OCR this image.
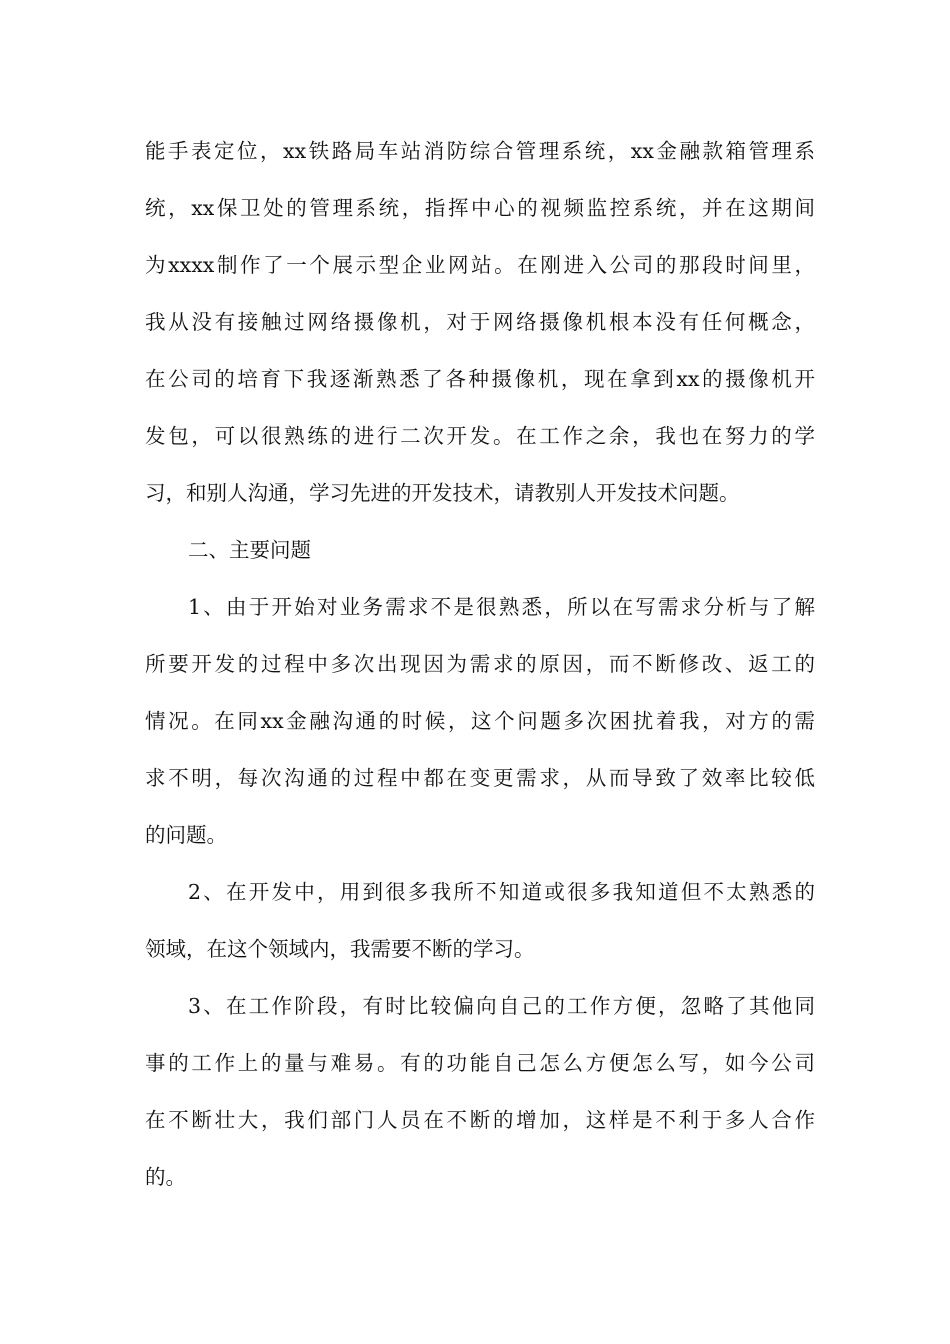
能手表定位，xx铁路局车站消防综合管理系统，xx金融款箱管理系
统，xx保卫处的管理系统，指挥中心的视频监控系统，并在这期间
为xxxx制作了一个展示型企业网站。在刚进入公司的那段时间里，
我从没有接触过网络摄像机，对于网络摄像机根本没有任何概念，
在公司的培育下我逐渐熟悉了各种摄像机，现在拿到xx的摄像机开
发包，可以很熟练的进行二次开发。在工作之余，我也在努力的学
习，和别人沟通，学习先进的开发技术，请教别人开发技术问题。
二、主要问题
1、由于开始对业务需求不是很熟悉，所以在写需求分析与了解
所要开发的过程中多次出现因为需求的原因，而不断修改、返工的
情况。在同xx金融沟通的时候，这个问题多次困扰着我，对方的需
求不明，每次沟通的过程中都在变更需求，从而导致了效率比较低
的问题。
2、在开发中，用到很多我所不知道或很多我知道但不太熟悉的
领域，在这个领域内，我需要不断的学习。
3、在工作阶段，有时比较偏向自己的工作方便，忽略了其他同
事的工作上的量与难易。有的功能自己怎么方便怎么写，如今公司
在不断壮大，我们部门人员在不断的增加，这样是不利于多人合作
的。
